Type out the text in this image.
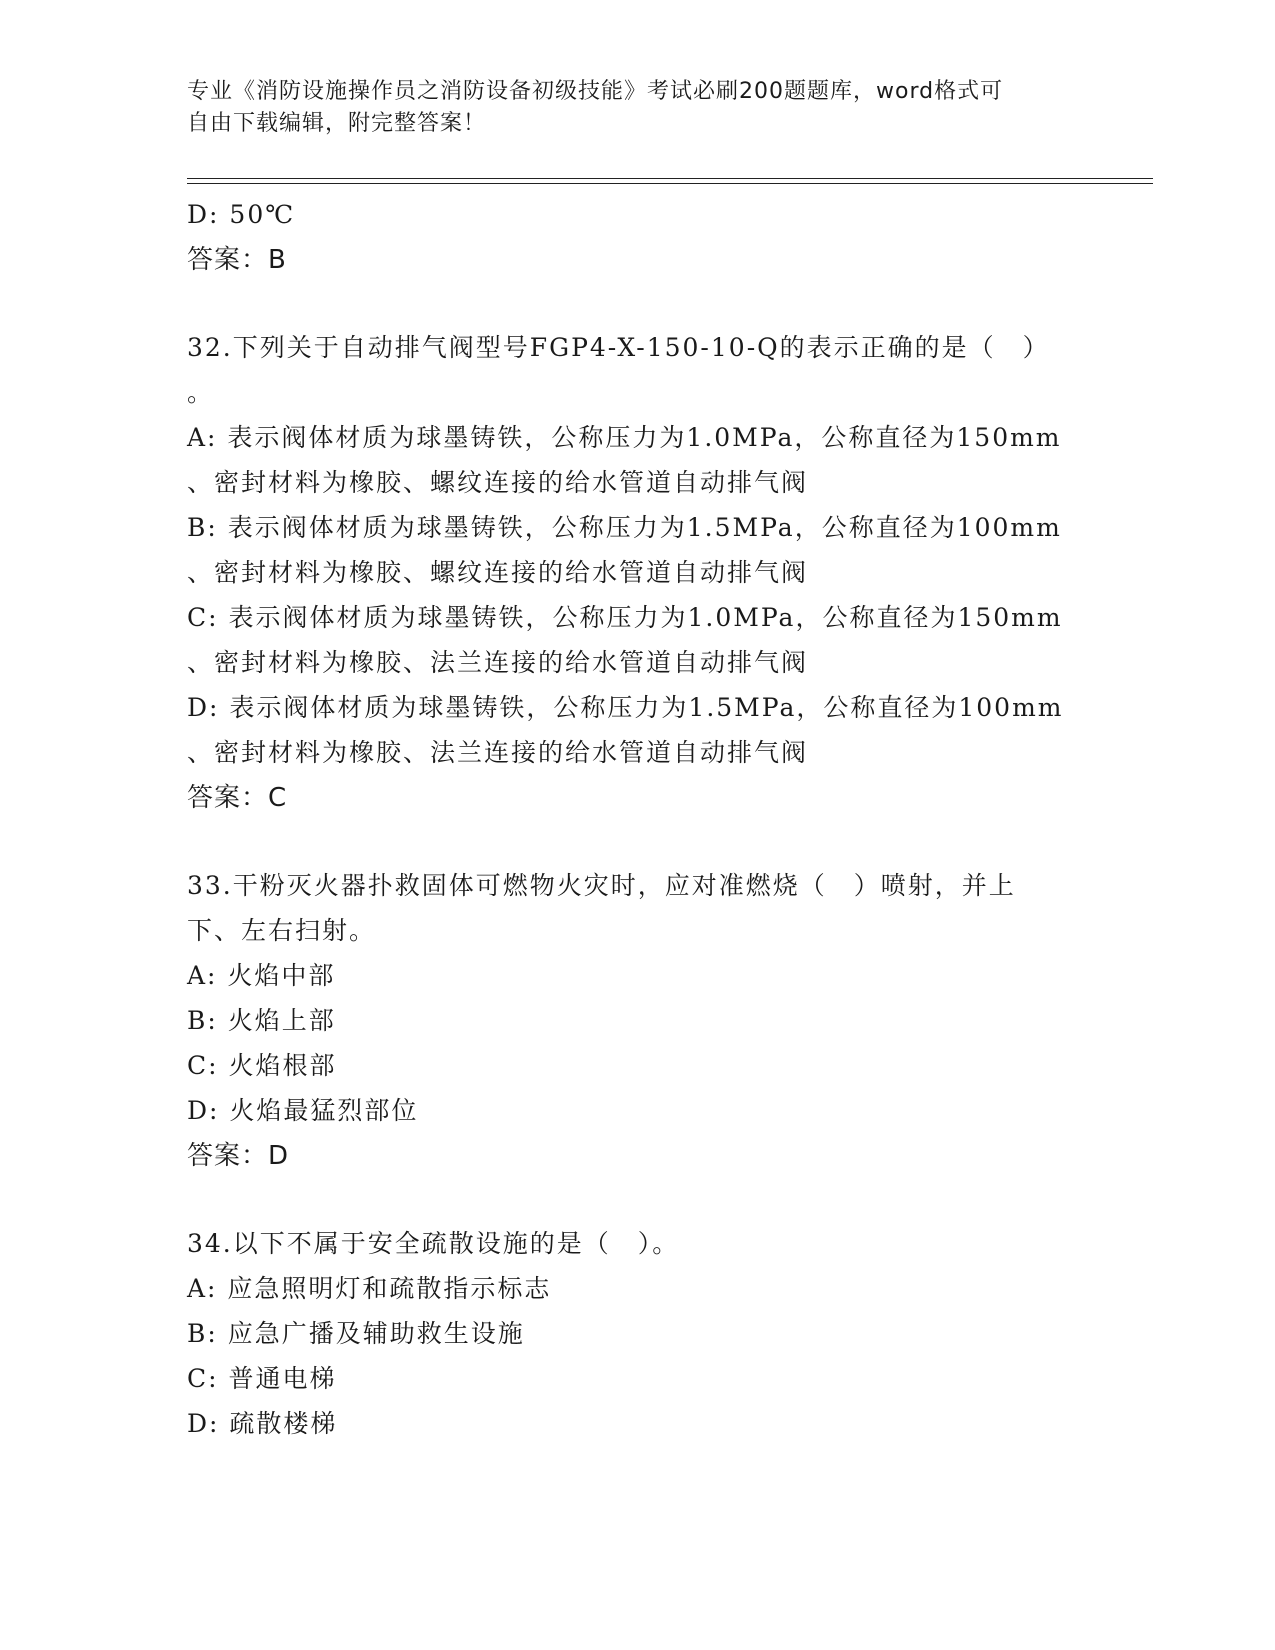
专业《消防设施操作员之消防设备初级技能》考试必刷200题题库，word格式可
自由下载编辑，附完整答案！
D: 50℃
答案：B
32.下列关于自动排气阀型号FGP4-X-150-10-Q的表示正确的是（　）
。
A: 表示阀体材质为球墨铸铁，公称压力为1.0MPa，公称直径为150mm
、密封材料为橡胶、螺纹连接的给水管道自动排气阀
B: 表示阀体材质为球墨铸铁，公称压力为1.5MPa，公称直径为100mm
、密封材料为橡胶、螺纹连接的给水管道自动排气阀
C: 表示阀体材质为球墨铸铁，公称压力为1.0MPa，公称直径为150mm
、密封材料为橡胶、法兰连接的给水管道自动排气阀
D: 表示阀体材质为球墨铸铁，公称压力为1.5MPa，公称直径为100mm
、密封材料为橡胶、法兰连接的给水管道自动排气阀
答案：C
33.干粉灭火器扑救固体可燃物火灾时，应对准燃烧（　）喷射，并上
下、左右扫射。
A: 火焰中部
B: 火焰上部
C: 火焰根部
D: 火焰最猛烈部位
答案：D
34.以下不属于安全疏散设施的是（　）。
A: 应急照明灯和疏散指示标志
B: 应急广播及辅助救生设施
C: 普通电梯
D: 疏散楼梯
